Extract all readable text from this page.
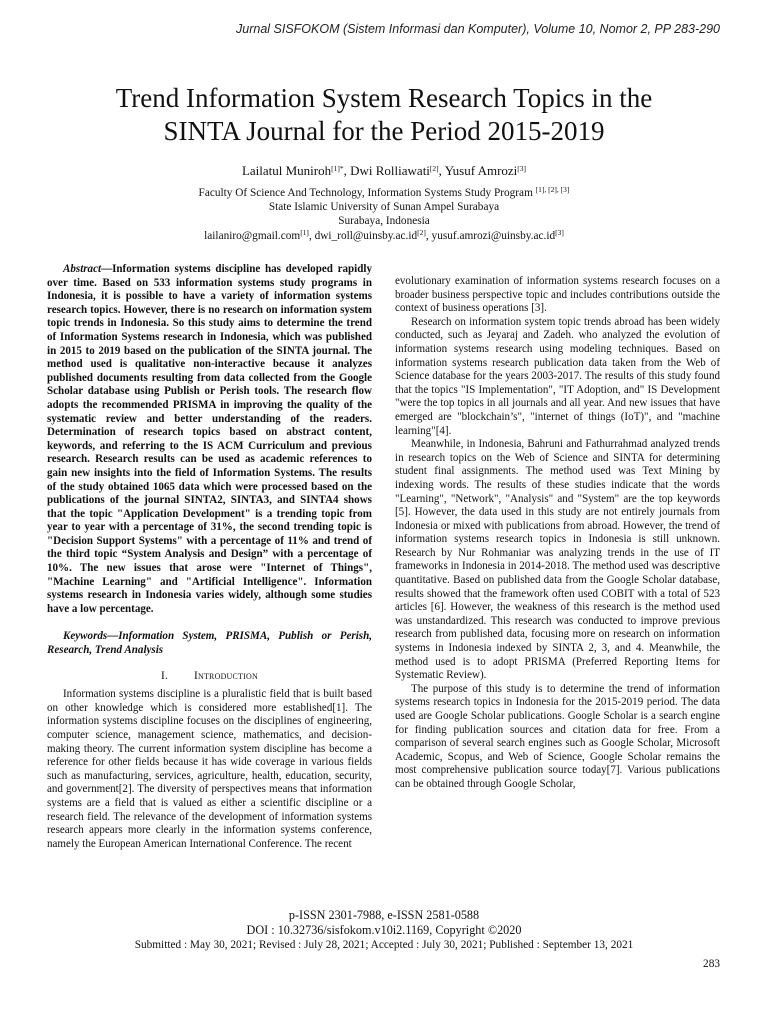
Jurnal SISFOKOM (Sistem Informasi dan Komputer), Volume 10, Nomor 2, PP 283-290
Trend Information System Research Topics in the
SINTA Journal for the Period 2015-2019
Lailatul Muniroh$^{[1]*}$, Dwi Rolliawati[2], Yusuf Amrozi[3]
Faculty Of Science And Technology, Information Systems Study Program [1], [2], [3]
State Islamic University of Sunan Ampel Surabaya
Surabaya, Indonesia
lailaniro@gmail.com[1], dwi_roll@uinsby.ac.id[2], yusuf.amrozi@uinsby.ac.id[3]

Abstract—Information systems discipline has developed rapidly over time. Based on 533 information systems study programs in Indonesia, it is possible to have a variety of information systems research topics. However, there is no research on information system topic trends in Indonesia. So this study aims to determine the trend of Information Systems research in Indonesia, which was published in 2015 to 2019 based on the publication of the SINTA journal. The method used is qualitative non-interactive because it analyzes published documents resulting from data collected from the Google Scholar database using Publish or Perish tools. The research flow adopts the recommended PRISMA in improving the quality of the systematic review and better understanding of the readers. Determination of research topics based on abstract content, keywords, and referring to the IS ACM Curriculum and previous research. Research results can be used as academic references to gain new insights into the field of Information Systems. The results of the study obtained 1065 data which were processed based on the publications of the journal SINTA2, SINTA3, and SINTA4 shows that the topic "Application Development" is a trending topic from year to year with a percentage of 31%, the second trending topic is "Decision Support Systems" with a percentage of 11% and trend of the third topic “System Analysis and Design” with a percentage of 10%. The new issues that arose were "Internet of Things", "Machine Learning" and "Artificial Intelligence". Information systems research in Indonesia varies widely, although some studies have a low percentage.

Keywords—Information System, PRISMA, Publish or Perish, Research, Trend Analysis

I. Introduction

Information systems discipline is a pluralistic field that is built based on other knowledge which is considered more established[1]. The information systems discipline focuses on the disciplines of engineering, computer science, management science, mathematics, and decision-making theory. The current information system discipline has become a reference for other fields because it has wide coverage in various fields such as manufacturing, services, agriculture, health, education, security, and government[2]. The diversity of perspectives means that information systems are a field that is valued as either a scientific discipline or a research field. The relevance of the development of information systems research appears more clearly in the information systems conference, namely the European American International Conference. The recent

evolutionary examination of information systems research focuses on a broader business perspective topic and includes contributions outside the context of business operations [3].

Research on information system topic trends abroad has been widely conducted, such as Jeyaraj and Zadeh. who analyzed the evolution of information systems research using modeling techniques. Based on information systems research publication data taken from the Web of Science database for the years 2003-2017. The results of this study found that the topics "IS Implementation", "IT Adoption, and" IS Development "were the top topics in all journals and all year. And new issues that have emerged are "blockchain’s", "internet of things (IoT)", and "machine learning"[4].

Meanwhile, in Indonesia, Bahruni and Fathurrahmad analyzed trends in research topics on the Web of Science and SINTA for determining student final assignments. The method used was Text Mining by indexing words. The results of these studies indicate that the words "Learning", "Network", "Analysis" and "System" are the top keywords [5]. However, the data used in this study are not entirely journals from Indonesia or mixed with publications from abroad. However, the trend of information systems research topics in Indonesia is still unknown. Research by Nur Rohmaniar was analyzing trends in the use of IT frameworks in Indonesia in 2014-2018. The method used was descriptive quantitative. Based on published data from the Google Scholar database, results showed that the framework often used COBIT with a total of 523 articles [6]. However, the weakness of this research is the method used was unstandardized. This research was conducted to improve previous research from published data, focusing more on research on information systems in Indonesia indexed by SINTA 2, 3, and 4. Meanwhile, the method used is to adopt PRISMA (Preferred Reporting Items for Systematic Review).

The purpose of this study is to determine the trend of information systems research topics in Indonesia for the 2015-2019 period. The data used are Google Scholar publications. Google Scholar is a search engine for finding publication sources and citation data for free. From a comparison of several search engines such as Google Scholar, Microsoft Academic, Scopus, and Web of Science, Google Scholar remains the most comprehensive publication source today[7]. Various publications can be obtained through Google Scholar,

p-ISSN 2301-7988, e-ISSN 2581-0588
DOI : 10.32736/sisfokom.v10i2.1169, Copyright ©2020
Submitted : May 30, 2021; Revised : July 28, 2021; Accepted : July 30, 2021; Published : September 13, 2021
283
